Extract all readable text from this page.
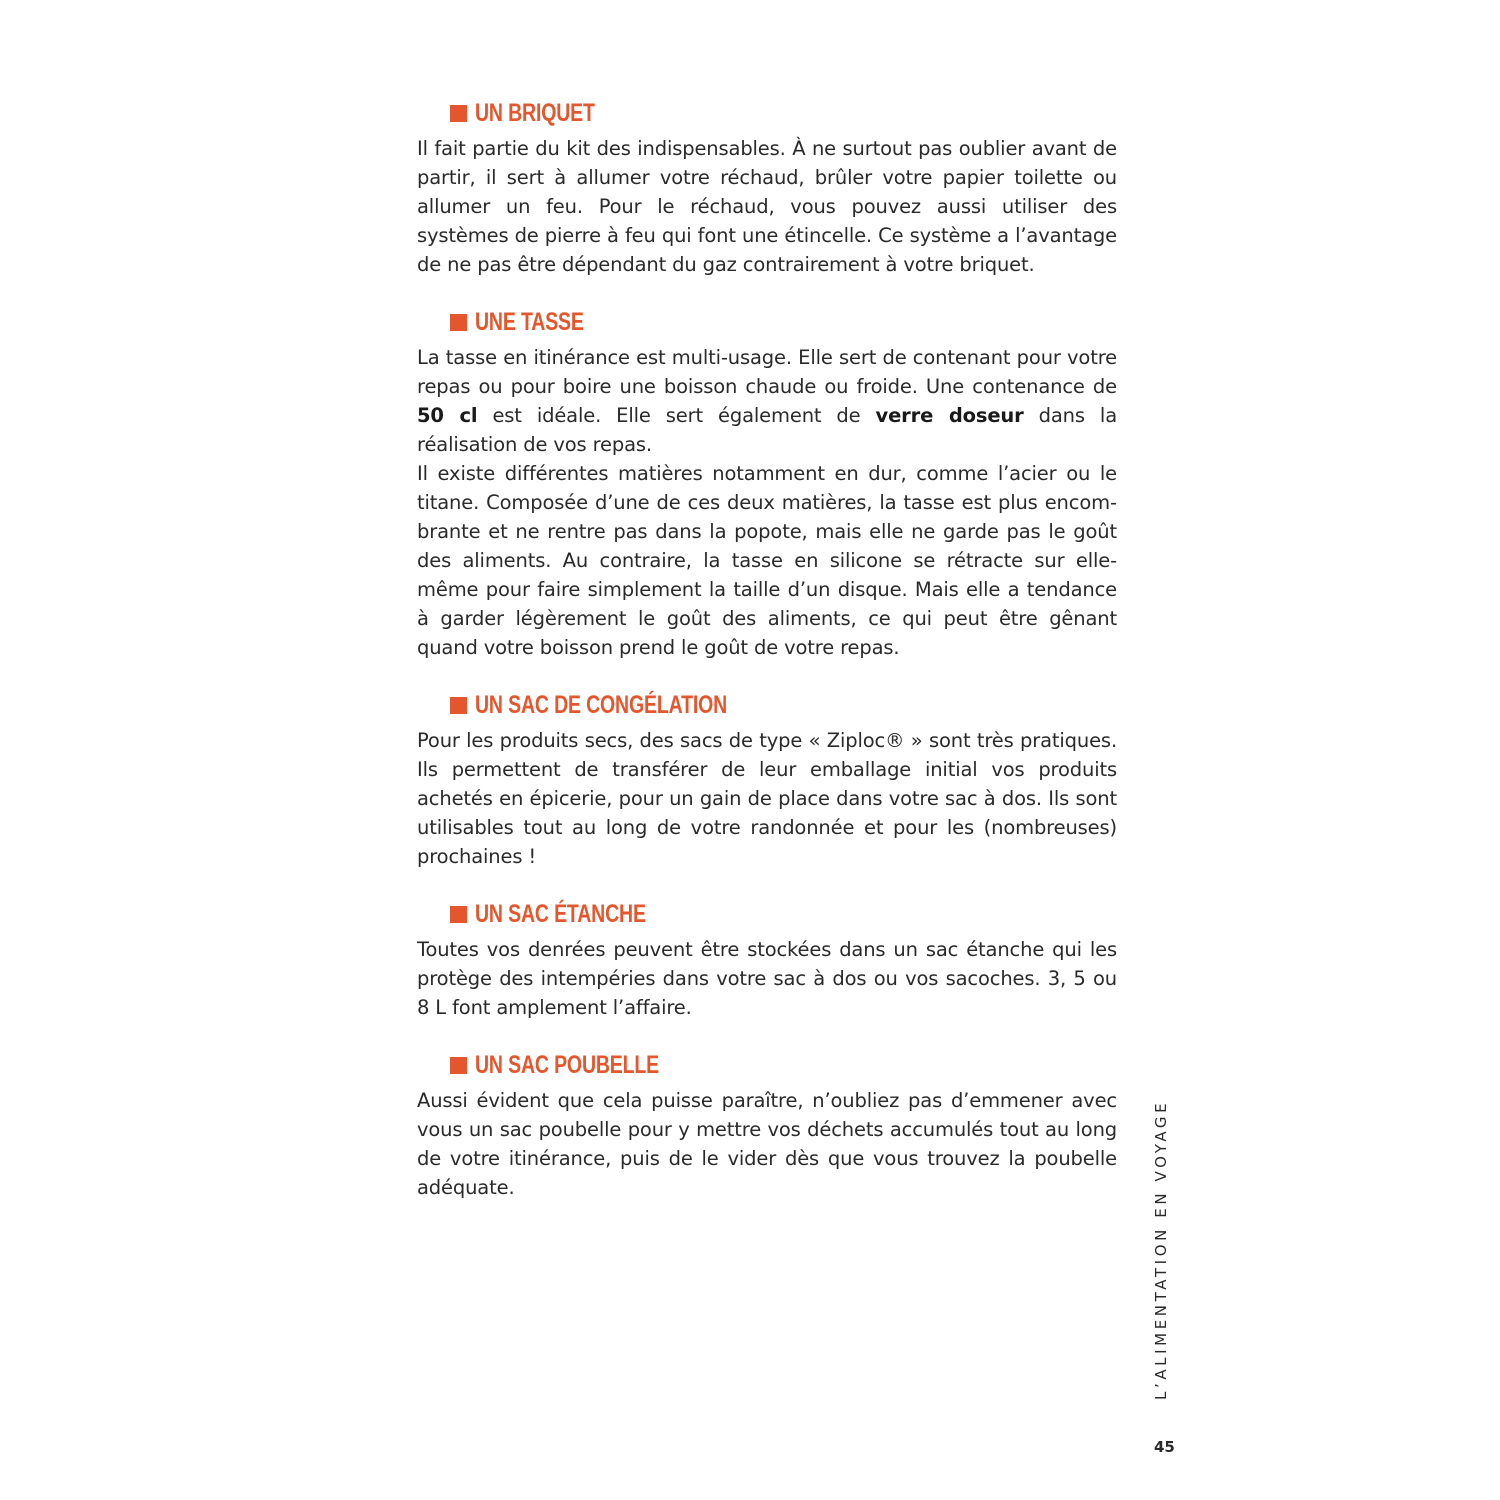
UN BRIQUET

Il fait partie du kit des indispensables. À ne surtout pas oublier avant de partir, il sert à allumer votre réchaud, brûler votre papier toilette ou allumer un feu. Pour le réchaud, vous pouvez aussi utiliser des systèmes de pierre à feu qui font une étincelle. Ce système a l’avantage de ne pas être dépendant du gaz contrairement à votre briquet.

UNE TASSE

La tasse en itinérance est multi-usage. Elle sert de contenant pour votre repas ou pour boire une boisson chaude ou froide. Une contenance de 50 cl est idéale. Elle sert également de verre doseur dans la réalisation de vos repas.

Il existe différentes matières notamment en dur, comme l’acier ou le titane. Composée d’une de ces deux matières, la tasse est plus encombrante et ne rentre pas dans la popote, mais elle ne garde pas le goût des aliments. Au contraire, la tasse en silicone se rétracte sur elle-même pour faire simplement la taille d’un disque. Mais elle a tendance à garder légèrement le goût des aliments, ce qui peut être gênant quand votre boisson prend le goût de votre repas.

UN SAC DE CONGÉLATION

Pour les produits secs, des sacs de type « Ziploc® » sont très pratiques. Ils permettent de transférer de leur emballage initial vos produits achetés en épicerie, pour un gain de place dans votre sac à dos. Ils sont utilisables tout au long de votre randonnée et pour les (nombreuses) prochaines !

UN SAC ÉTANCHE

Toutes vos denrées peuvent être stockées dans un sac étanche qui les protège des intempéries dans votre sac à dos ou vos sacoches. 3, 5 ou 8 L font amplement l’affaire.

UN SAC POUBELLE

Aussi évident que cela puisse paraître, n’oubliez pas d’emmener avec vous un sac poubelle pour y mettre vos déchets accumulés tout au long de votre itinérance, puis de le vider dès que vous trouvez la poubelle adéquate.	L’ALIMENTATION EN VOYAGE
45
